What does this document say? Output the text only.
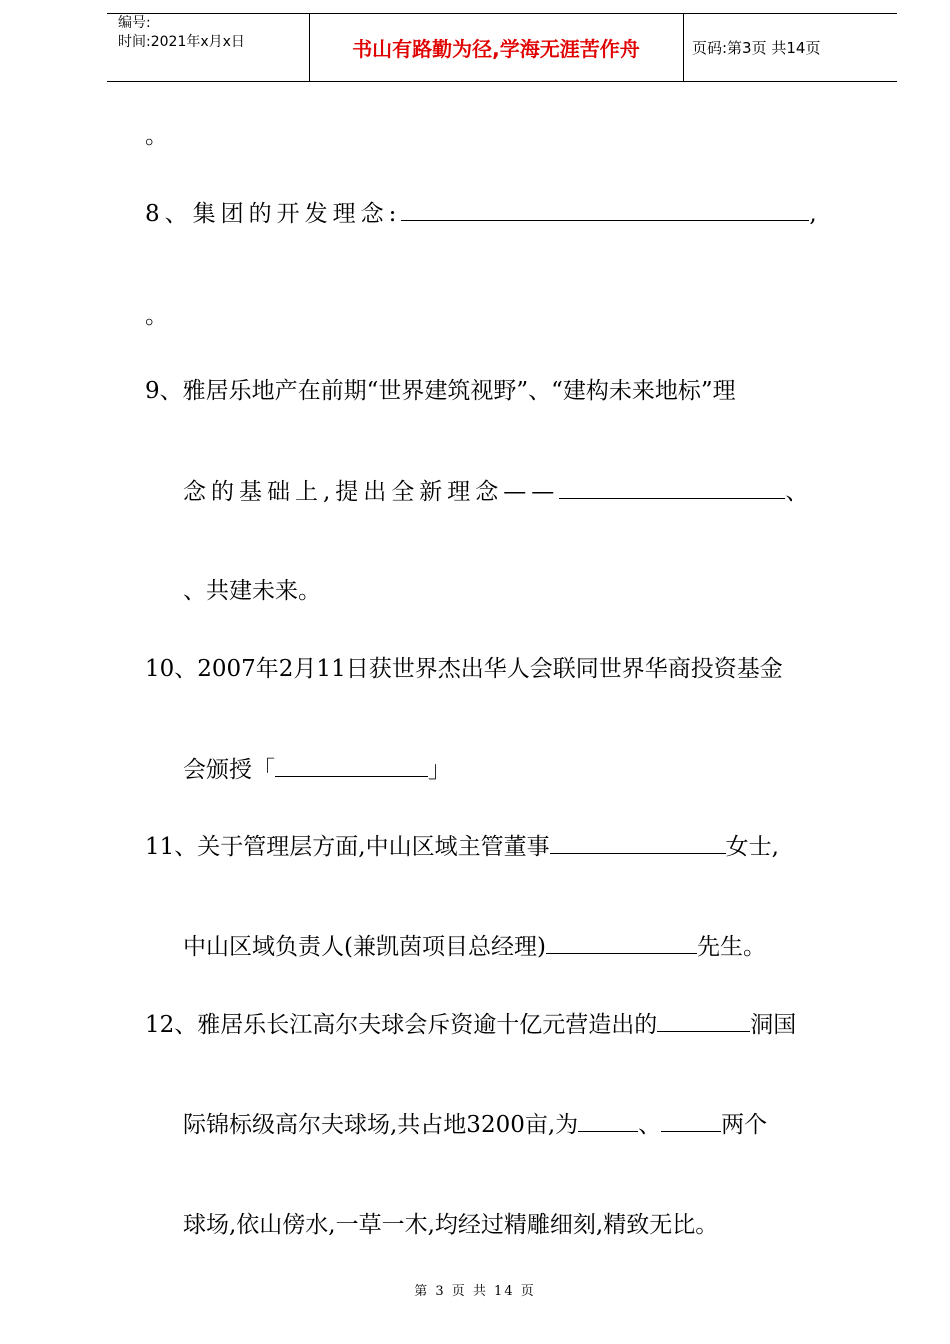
编号:
时间:2021年x月x日	书山有路勤为径,学海无涯苦作舟	页码:第3页 共14页
。
8、集团的开发理念:	,
。
9、雅居乐地产在前期“世界建筑视野”、“建构未来地标”理
念的基础上,提出全新理念——	、
、共建未来。
10、2007年2月11日获世界杰出华人会联同世界华商投资基金
会颁授「	」
11、关于管理层方面,中山区域主管董事	女士,
中山区域负责人(兼凯茵项目总经理)	先生。
12、雅居乐长江高尔夫球会斥资逾十亿元营造出的	洞国
际锦标级高尔夫球场,共占地3200亩,为	、	两个
球场,依山傍水,一草一木,均经过精雕细刻,精致无比。
第 3 页 共 14 页
